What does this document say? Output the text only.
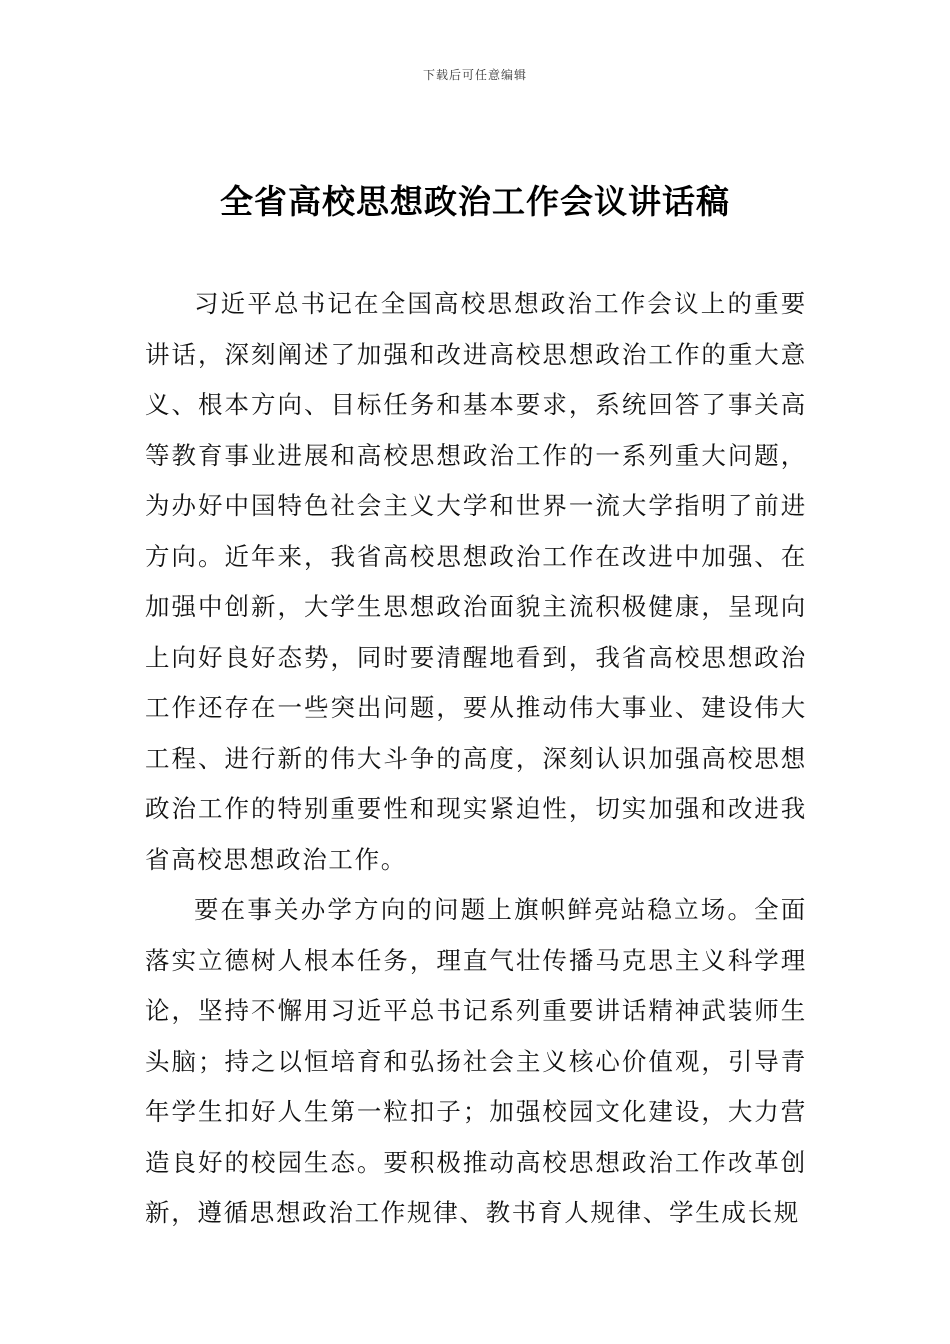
下载后可任意编辑
全省高校思想政治工作会议讲话稿

习近平总书记在全国高校思想政治工作会议上的重要讲话，深刻阐述了加强和改进高校思想政治工作的重大意义、根本方向、目标任务和基本要求，系统回答了事关高等教育事业进展和高校思想政治工作的一系列重大问题，为办好中国特色社会主义大学和世界一流大学指明了前进方向。近年来，我省高校思想政治工作在改进中加强、在加强中创新，大学生思想政治面貌主流积极健康，呈现向上向好良好态势，同时要清醒地看到，我省高校思想政治工作还存在一些突出问题，要从推动伟大事业、建设伟大工程、进行新的伟大斗争的高度，深刻认识加强高校思想政治工作的特别重要性和现实紧迫性，切实加强和改进我省高校思想政治工作。

要在事关办学方向的问题上旗帜鲜亮站稳立场。全面落实立德树人根本任务，理直气壮传播马克思主义科学理论，坚持不懈用习近平总书记系列重要讲话精神武装师生头脑；持之以恒培育和弘扬社会主义核心价值观，引导青年学生扣好人生第一粒扣子；加强校园文化建设，大力营造良好的校园生态。要积极推动高校思想政治工作改革创新，遵循思想政治工作规律、教书育人规律、学生成长规
